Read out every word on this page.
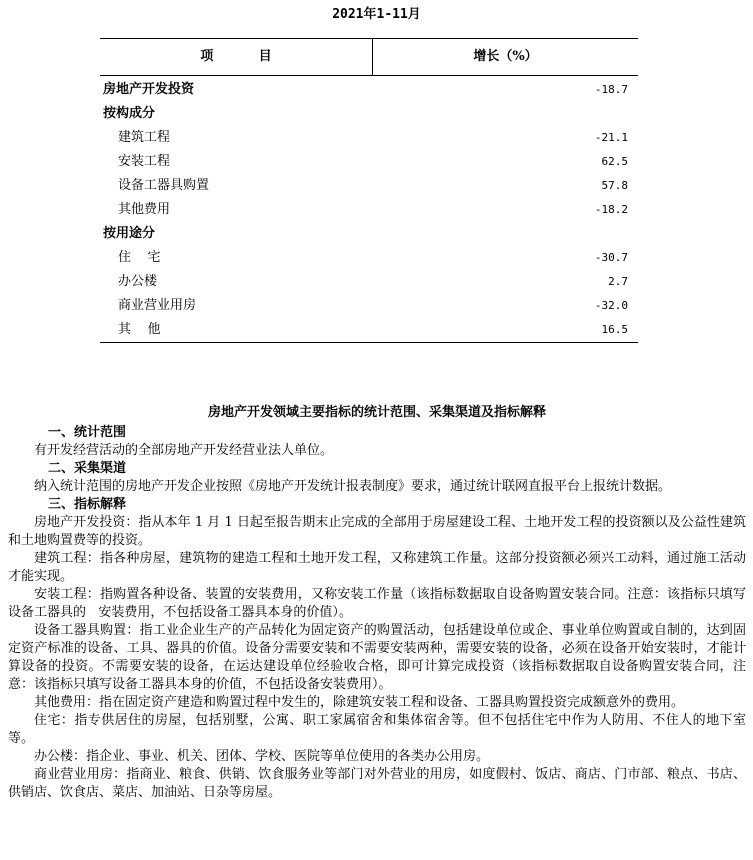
2021年1-11月
项          目	增长（%）
房地产开发投资	-18.7
按构成分
建筑工程	-21.1
安装工程	62.5
设备工器具购置	57.8
其他费用	-18.2
按用途分
住    宅	-30.7
办公楼	2.7
商业营业用房	-32.0
其    他	16.5
房地产开发领域主要指标的统计范围、采集渠道及指标解释
一、统计范围

有开发经营活动的全部房地产开发经营业法人单位。

二、采集渠道

纳入统计范围的房地产开发企业按照《房地产开发统计报表制度》要求，通过统计联网直报平台上报统计数据。

三、指标解释

房地产开发投资：指从本年 1 月 1 日起至报告期末止完成的全部用于房屋建设工程、土地开发工程的投资额以及公益性建筑和土地购置费等的投资。

建筑工程：指各种房屋，建筑物的建造工程和土地开发工程，又称建筑工作量。这部分投资额必须兴工动料，通过施工活动才能实现。

安装工程：指购置各种设备、装置的安装费用，又称安装工作量（该指标数据取自设备购置安装合同。注意：该指标只填写设备工器具的   安装费用，不包括设备工器具本身的价值）。

设备工器具购置：指工业企业生产的产品转化为固定资产的购置活动，包括建设单位或企、事业单位购置或自制的，达到固定资产标准的设备、工具、器具的价值。设备分需要安装和不需要安装两种，需要安装的设备，必须在设备开始安装时，才能计算设备的投资。不需要安装的设备，在运达建设单位经验收合格，即可计算完成投资（该指标数据取自设备购置安装合同，注意：该指标只填写设备工器具本身的价值，不包括设备安装费用）。

其他费用：指在固定资产建造和购置过程中发生的，除建筑安装工程和设备、工器具购置投资完成额意外的费用。

住宅：指专供居住的房屋，包括别墅，公寓、职工家属宿舍和集体宿舍等。但不包括住宅中作为人防用、不住人的地下室等。

办公楼：指企业、事业、机关、团体、学校、医院等单位使用的各类办公用房。

商业营业用房：指商业、粮食、供销、饮食服务业等部门对外营业的用房，如度假村、饭店、商店、门市部、粮点、书店、供销店、饮食店、菜店、加油站、日杂等房屋。
